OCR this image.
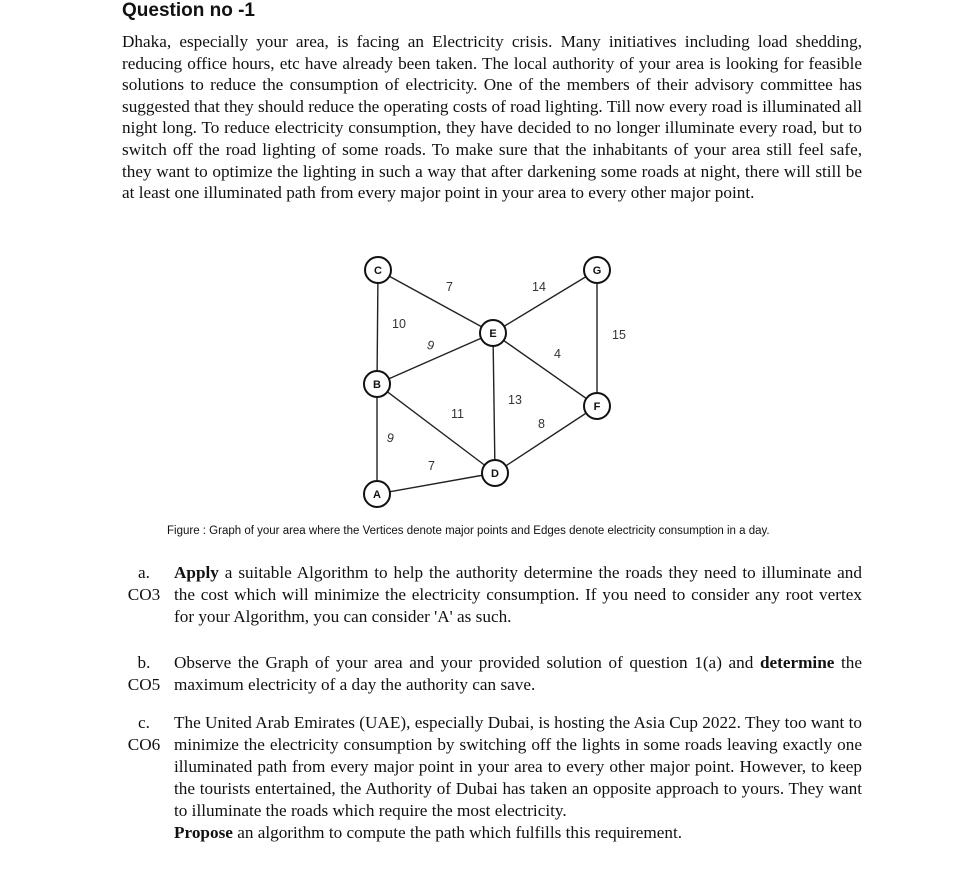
Question no -1

Dhaka, especially your area, is facing an Electricity crisis. Many initiatives including load shedding, reducing office hours, etc have already been taken. The local authority of your area is looking for feasible solutions to reduce the consumption of electricity. One of the members of their advisory committee has suggested that they should reduce the operating costs of road lighting. Till now every road is illuminated all night long. To reduce electricity consumption, they have decided to no longer illuminate every road, but to switch off the road lighting of some roads. To make sure that the inhabitants of your area still feel safe, they want to optimize the lighting in such a way that after darkening some roads at night, there will still be at least one illuminated path from every major point in your area to every other major point.

7	14
10
9
4
15
11
13
8
9
7
C	G
E
B
F
D
A
Figure : Graph of your area where the Vertices denote major points and Edges denote electricity consumption in a day.
a.
CO3
Apply a suitable Algorithm to help the authority determine the roads they need to illuminate and the cost which will minimize the electricity consumption. If you need to consider any root vertex for your Algorithm, you can consider 'A' as such.
b.
CO5
Observe the Graph of your area and your provided solution of question 1(a) and determine the maximum electricity of a day the authority can save.
c.
CO6
The United Arab Emirates (UAE), especially Dubai, is hosting the Asia Cup 2022. They too want to minimize the electricity consumption by switching off the lights in some roads leaving exactly one illuminated path from every major point in your area to every other major point. However, to keep the tourists entertained, the Authority of Dubai has taken an opposite approach to yours. They want to illuminate the roads which require the most electricity.
Propose an algorithm to compute the path which fulfills this requirement.
